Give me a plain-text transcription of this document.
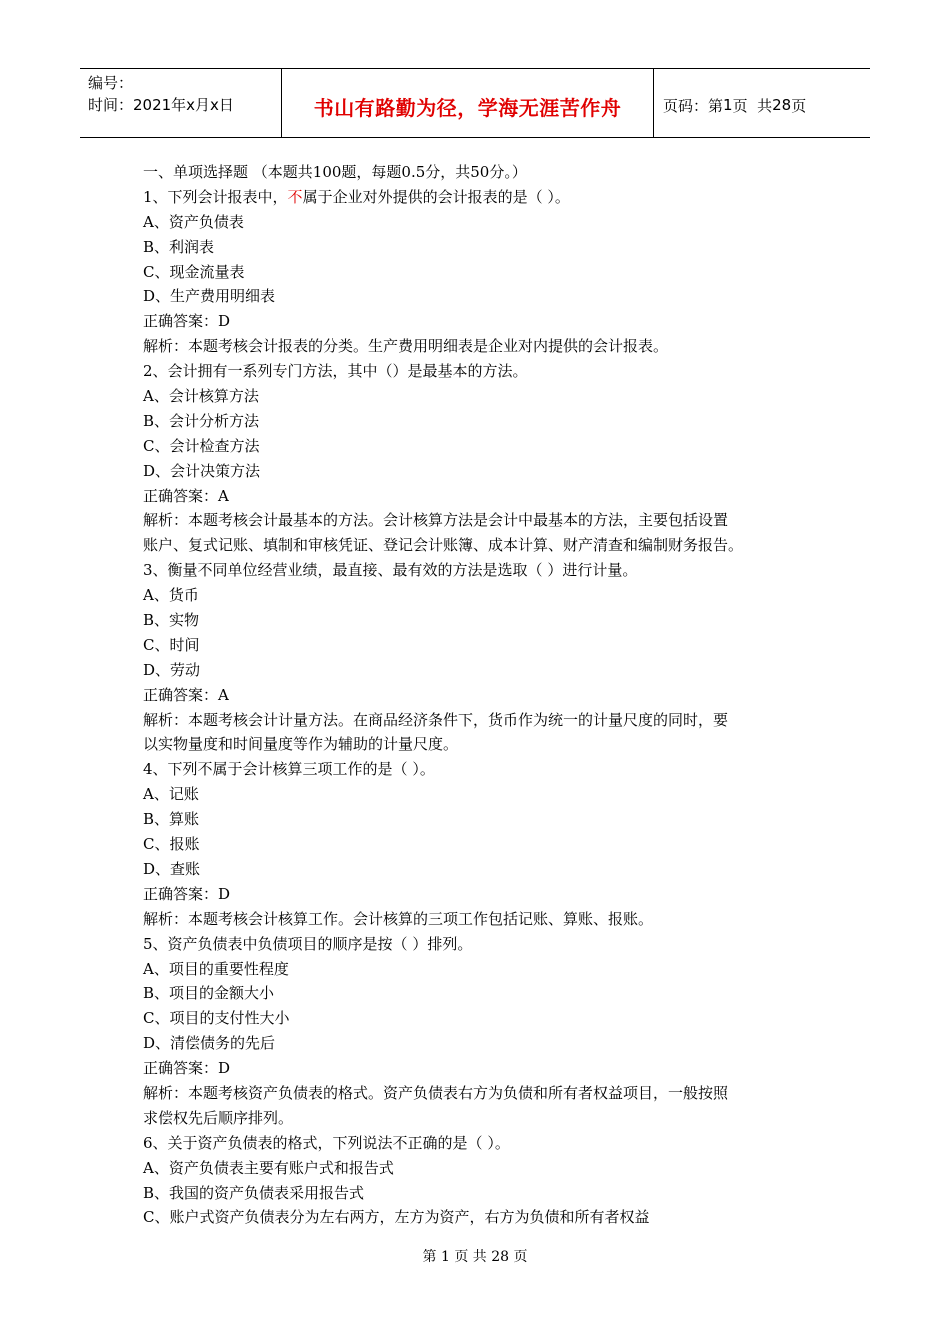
编号：
时间：2021年x月x日	书山有路勤为径，学海无涯苦作舟	页码：第 1 页  共 28 页
一、单项选择题 （本题共100题，每题0.5分，共50分。）
1、下列会计报表中，不属于企业对外提供的会计报表的是（ ）。
A、资产负债表
B、利润表
C、现金流量表
D、生产费用明细表
正确答案：D
解析：本题考核会计报表的分类。生产费用明细表是企业对内提供的会计报表。
2、会计拥有一系列专门方法，其中（）是最基本的方法。
A、会计核算方法
B、会计分析方法
C、会计检查方法
D、会计决策方法
正确答案：A
解析：本题考核会计最基本的方法。会计核算方法是会计中最基本的方法，主要包括设置
账户、复式记账、填制和审核凭证、登记会计账簿、成本计算、财产清查和编制财务报告。
3、衡量不同单位经营业绩，最直接、最有效的方法是选取（ ）进行计量。
A、货币
B、实物
C、时间
D、劳动
正确答案：A
解析：本题考核会计计量方法。在商品经济条件下，货币作为统一的计量尺度的同时，要
以实物量度和时间量度等作为辅助的计量尺度。
4、下列不属于会计核算三项工作的是（ ）。
A、记账
B、算账
C、报账
D、查账
正确答案：D
解析：本题考核会计核算工作。会计核算的三项工作包括记账、算账、报账。
5、资产负债表中负债项目的顺序是按（ ）排列。
A、项目的重要性程度
B、项目的金额大小
C、项目的支付性大小
D、清偿债务的先后
正确答案：D
解析：本题考核资产负债表的格式。资产负债表右方为负债和所有者权益项目，一般按照
求偿权先后顺序排列。
6、关于资产负债表的格式，下列说法不正确的是（ ）。
A、资产负债表主要有账户式和报告式
B、我国的资产负债表采用报告式
C、账户式资产负债表分为左右两方，左方为资产，右方为负债和所有者权益
第 1 页 共 28 页
